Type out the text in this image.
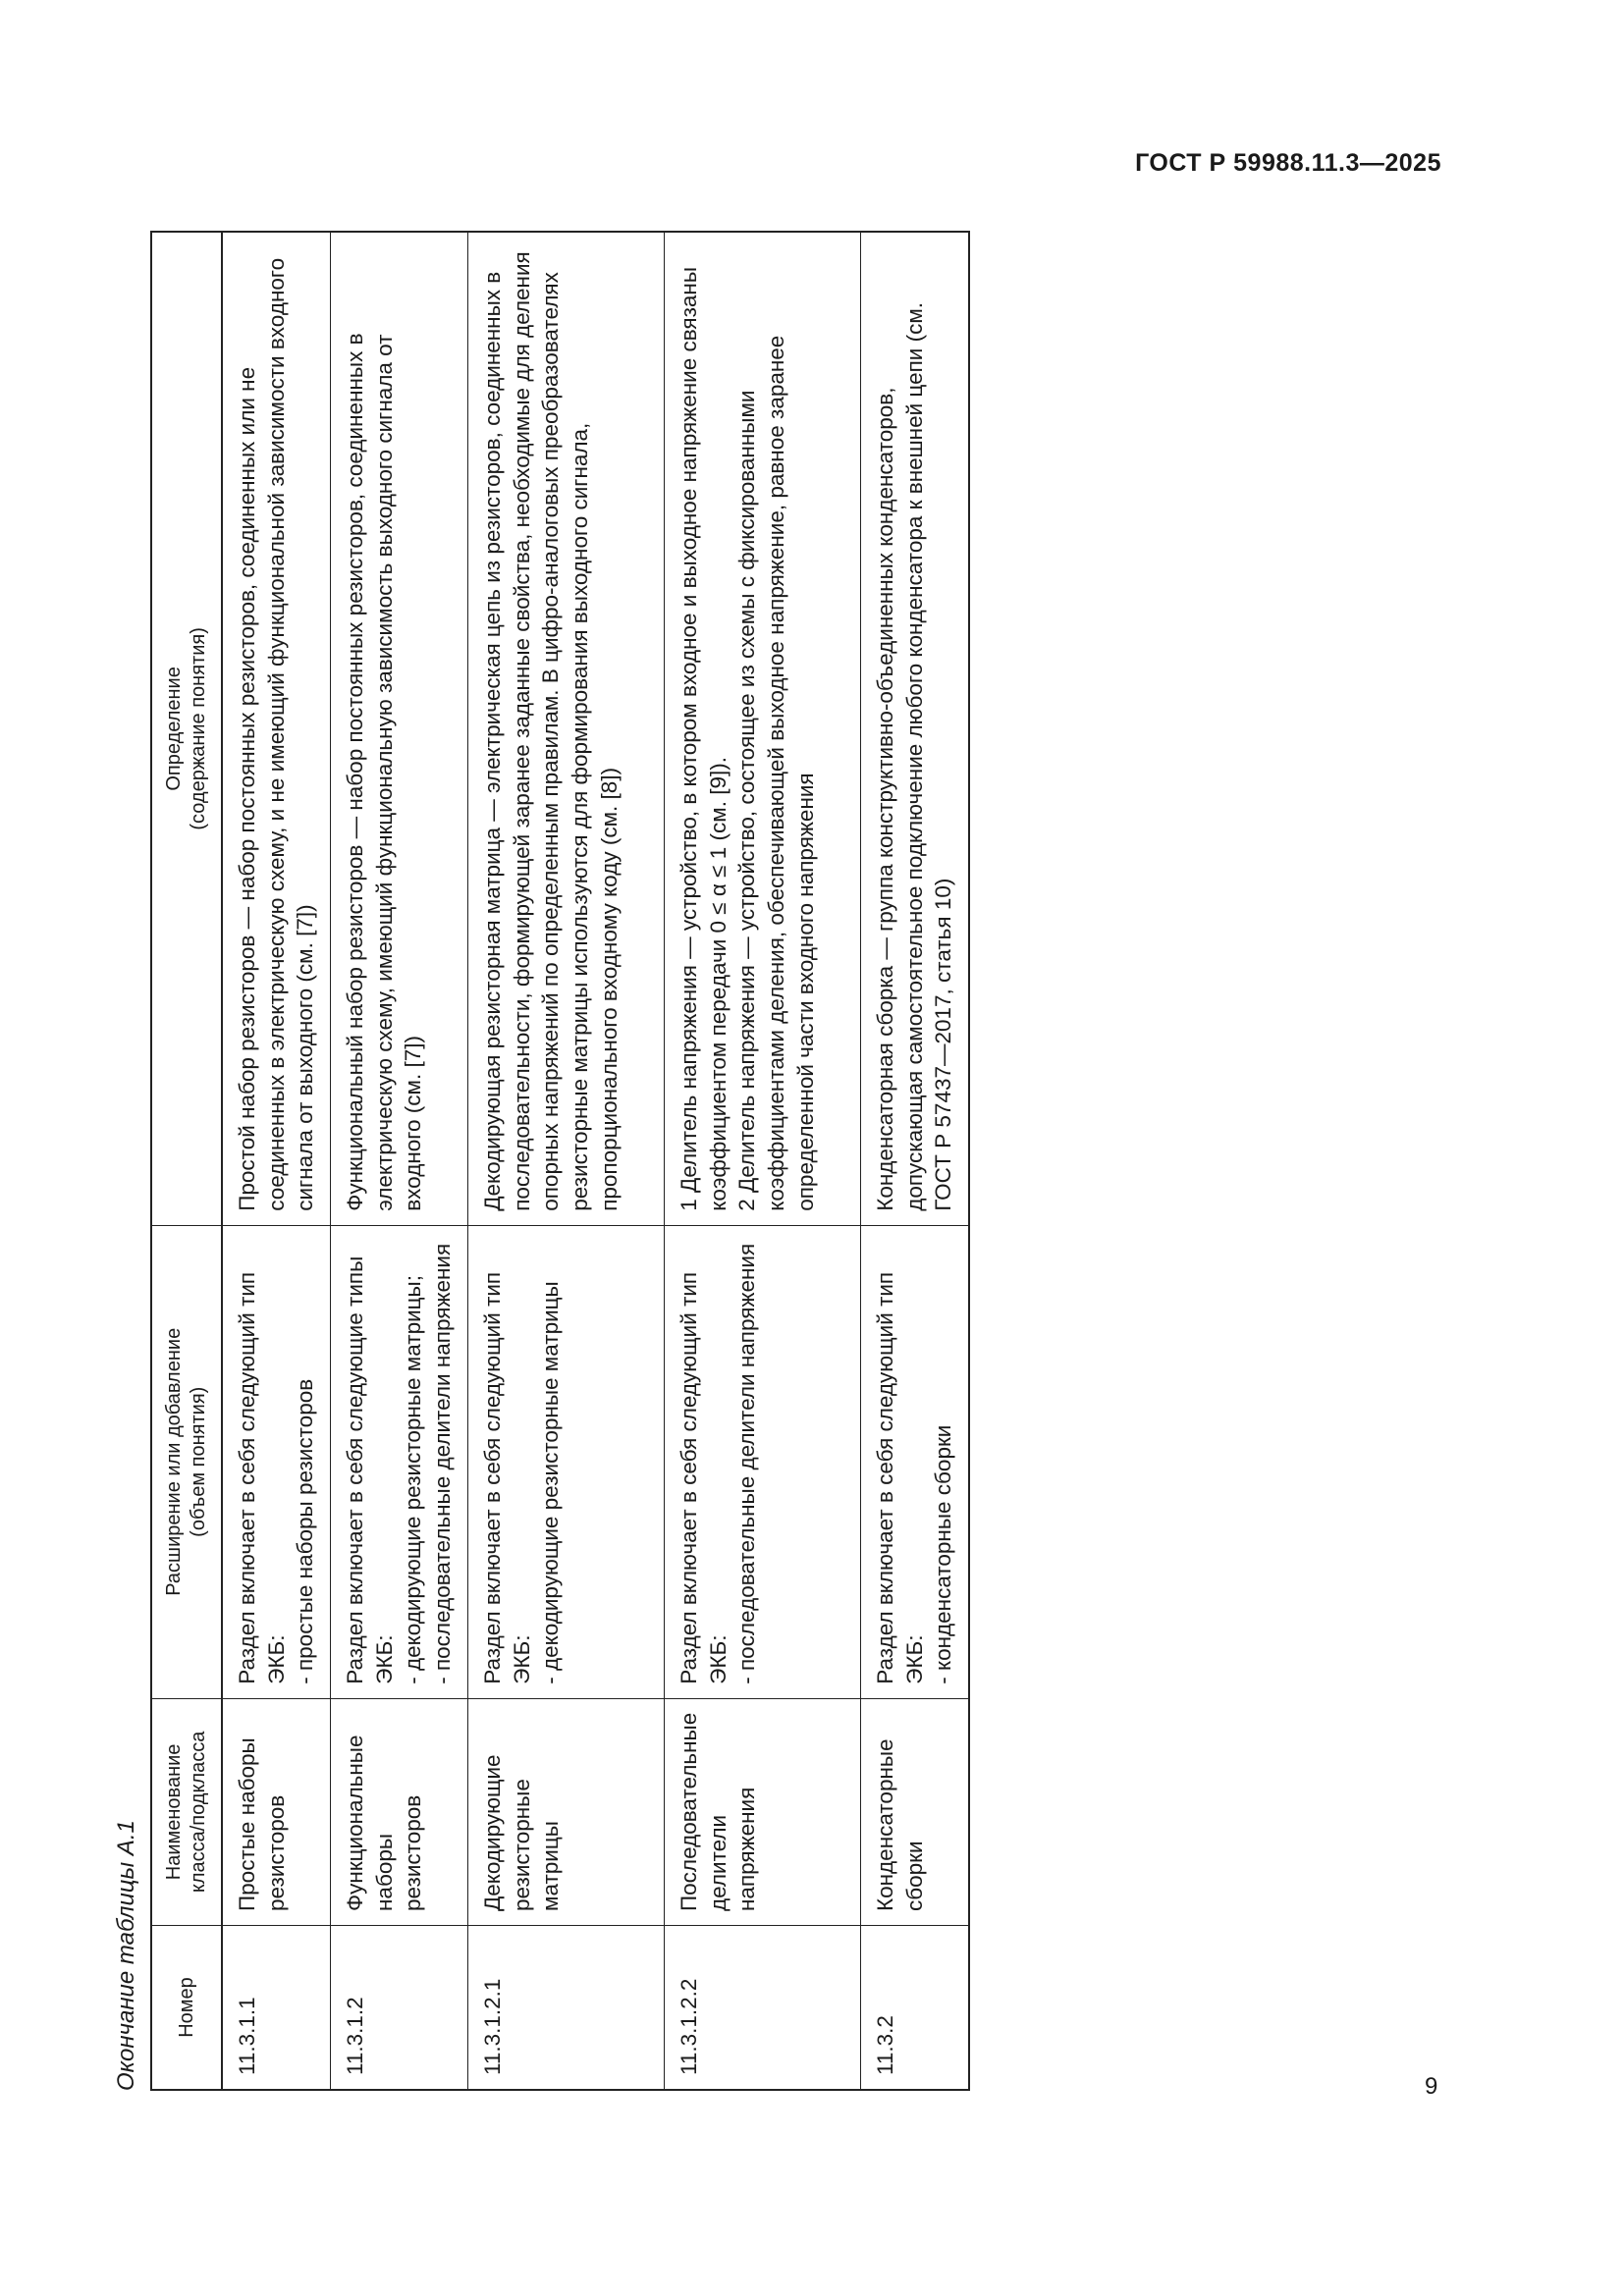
ГОСТ Р 59988.11.3—2025
Окончание таблицы А.1 Номер	Наименование класса/подкласса	Расширение или добавление (объем понятия)	Определение (содержание понятия)

11.3.1.1	Простые наборы резисторов	Раздел включает в себя следующий тип ЭКБ: - простые наборы резисторов	Простой набор резисторов — набор постоянных резисторов, соединенных или не соединенных в электрическую схему, и не имеющий функциональной зависимости входного сигнала от выходного (см. [7])
11.3.1.2	Функциональные наборы резисторов	Раздел включает в себя следующие типы ЭКБ: - декодирующие резисторные матрицы; - последовательные делители напряжения	Функциональный набор резисторов — набор постоянных резисторов, соединенных в электрическую схему, имеющий функциональную зависимость выходного сигнала от входного (см. [7])
11.3.1.2.1	Декодирующие резисторные матрицы	Раздел включает в себя следующий тип ЭКБ: - декодирующие резисторные матрицы	Декодирующая резисторная матрица — электрическая цепь из резисторов, соединенных в последовательности, формирующей заранее заданные свойства, необходимые для деления опорных напряжений по определенным правилам. В цифро-аналоговых преобразователях резисторные матрицы используются для формирования выходного сигнала, пропорционального входному коду (см. [8])
11.3.1.2.2	Последовательные делители напряжения	Раздел включает в себя следующий тип ЭКБ: - последовательные делители напряжения	1 Делитель напряжения — устройство, в котором входное и выходное напряжение связаны коэффициентом передачи 0 ≤ α ≤ 1 (см. [9]). 2 Делитель напряжения — устройство, состоящее из схемы с фиксированными коэффициентами деления, обеспечивающей выходное напряжение, равное заранее определенной части входного напряжения

11.3.2	Конденсаторные сборки	Раздел включает в себя следующий тип ЭКБ: - конденсаторные сборки	Конденсаторная сборка — группа конструктивно-объединенных конденсаторов, допускающая самостоятельное подключение любого конденсатора к внешней цепи (см. ГОСТ Р 57437—2017, статья 10)
9
